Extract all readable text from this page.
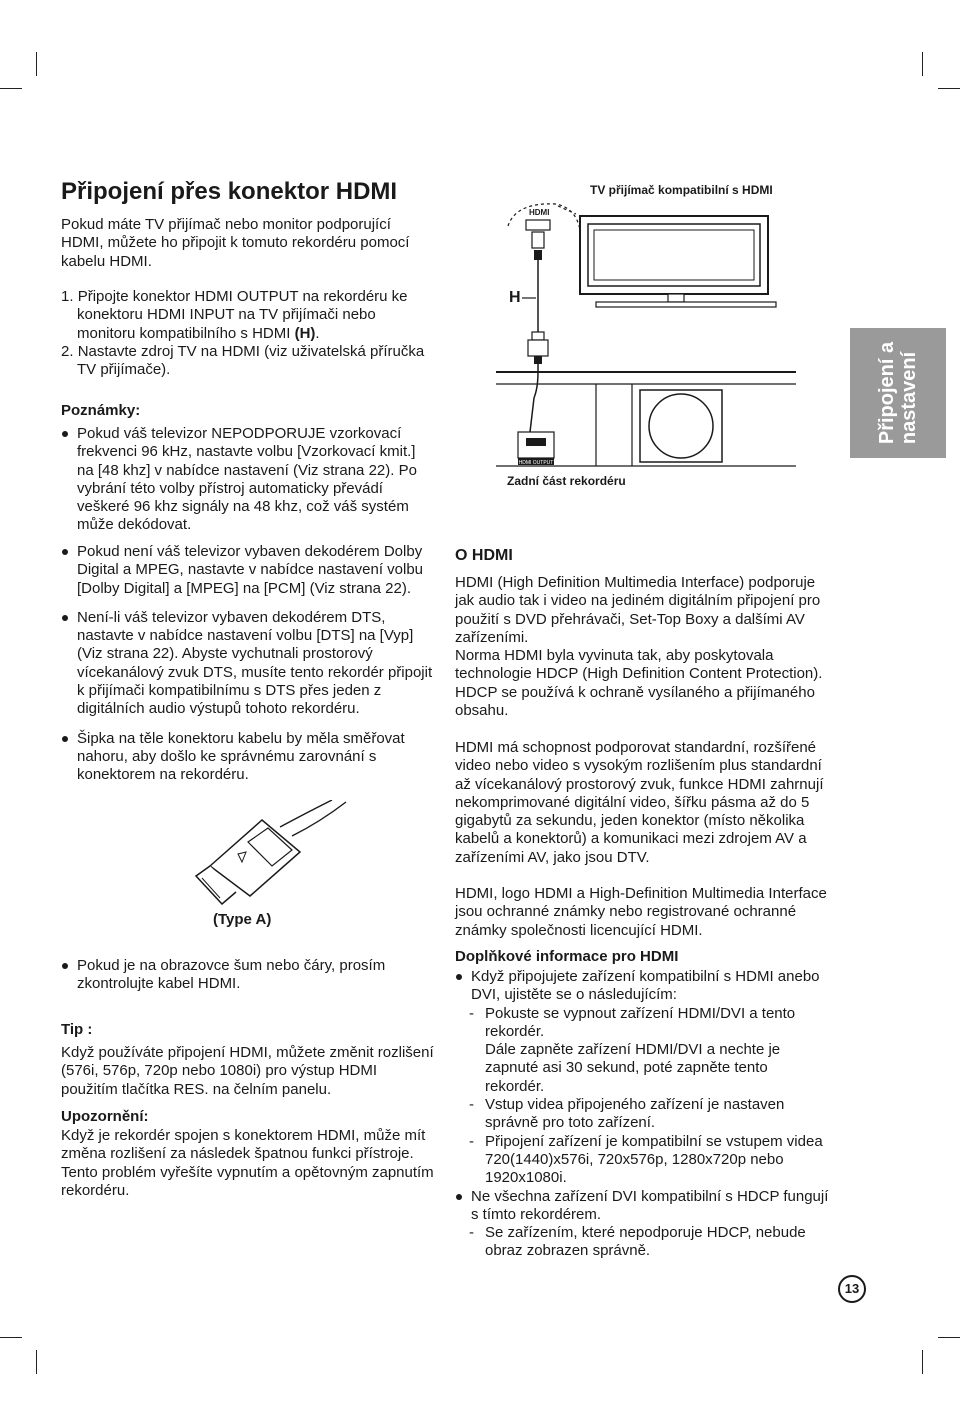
Připojení přes konektor HDMI
Pokud máte TV přijímač nebo monitor podporující HDMI, můžete ho připojit k tomuto rekordéru pomocí kabelu HDMI.

1. Připojte konektor HDMI OUTPUT na rekordéru ke konektoru HDMI INPUT na TV přijímači nebo monitoru kompatibilního s HDMI (H).

2. Nastavte zdroj TV na HDMI (viz uživatelská příručka TV přijímače).

Poznámky:

Pokud váš televizor NEPODPORUJE vzorkovací frekvenci 96 kHz, nastavte volbu [Vzorkovací kmit.] na [48 khz] v nabídce nastavení (Viz strana 22). Po vybrání této volby přístroj automaticky převádí veškeré 96 khz signály na 48 khz, což váš systém může dekódovat.

Pokud není váš televizor vybaven dekodérem Dolby Digital a MPEG, nastavte v nabídce nastavení volbu [Dolby Digital] a [MPEG] na [PCM] (Viz strana 22).

Není-li váš televizor vybaven dekodérem DTS, nastavte v nabídce nastavení volbu [DTS] na [Vyp] (Viz strana 22). Abyste vychutnali prostorový vícekanálový zvuk DTS, musíte tento rekordér připojit k přijímači kompatibilnímu s DTS přes jeden z digitálních audio výstupů tohoto rekordéru.

Šipka na těle konektoru kabelu by měla směřovat nahoru, aby došlo ke správnému zarovnání s konektorem na rekordéru.

(Type A)

Pokud je na obrazovce šum nebo čáry, prosím zkontrolujte kabel HDMI.

Tip :
Když používáte připojení HDMI, můžete změnit rozlišení (576i, 576p, 720p nebo 1080i) pro výstup HDMI použitím tlačítka RES. na čelním panelu.
Upozornění:
Když je rekordér spojen s konektorem HDMI, může mít změna rozlišení za následek špatnou funkci přístroje. Tento problém vyřešíte vypnutím a opětovným zapnutím rekordéru.
HDMI OUTPUT
TV přijímač kompatibilní s HDMI
HDMI
H
Zadní část rekordéru
Připojení a nastavení
O HDMI

HDMI (High Definition Multimedia Interface) podporuje jak audio tak i video na jediném digitálním připojení pro použití s DVD přehrávači, Set-Top Boxy a dalšími AV zařízeními.

Norma HDMI byla vyvinuta tak, aby poskytovala technologie HDCP (High Definition Content Protection). HDCP se používá k ochraně vysílaného a přijímaného obsahu.

HDMI má schopnost podporovat standardní, rozšířené video nebo video s vysokým rozlišením plus standardní až vícekanálový prostorový zvuk, funkce HDMI zahrnují nekomprimované digitální video, šířku pásma až do 5 gigabytů za sekundu, jeden konektor (místo několika kabelů a konektorů) a komunikaci mezi zdrojem AV a zařízeními AV, jako jsou DTV.
HDMI, logo HDMI a High-Definition Multimedia Interface jsou ochranné známky nebo registrované ochranné známky společnosti licencující HDMI.
Doplňkové informace pro HDMI

Když připojujete zařízení kompatibilní s HDMI anebo DVI, ujistěte se o následujícím:

- Pokuste se vypnout zařízení HDMI/DVI a tento rekordér.
Dále zapněte zařízení HDMI/DVI a nechte je zapnuté asi 30 sekund, poté zapněte tento rekordér.
- Vstup videa připojeného zařízení je nastaven správně pro toto zařízení.
- Připojení zařízení je kompatibilní se vstupem videa 720(1440)x576i, 720x576p, 1280x720p nebo 1920x1080i.

Ne všechna zařízení DVI kompatibilní s HDCP fungují s tímto rekordérem.

- Se zařízením, které nepodporuje HDCP, nebude obraz zobrazen správně.
13
